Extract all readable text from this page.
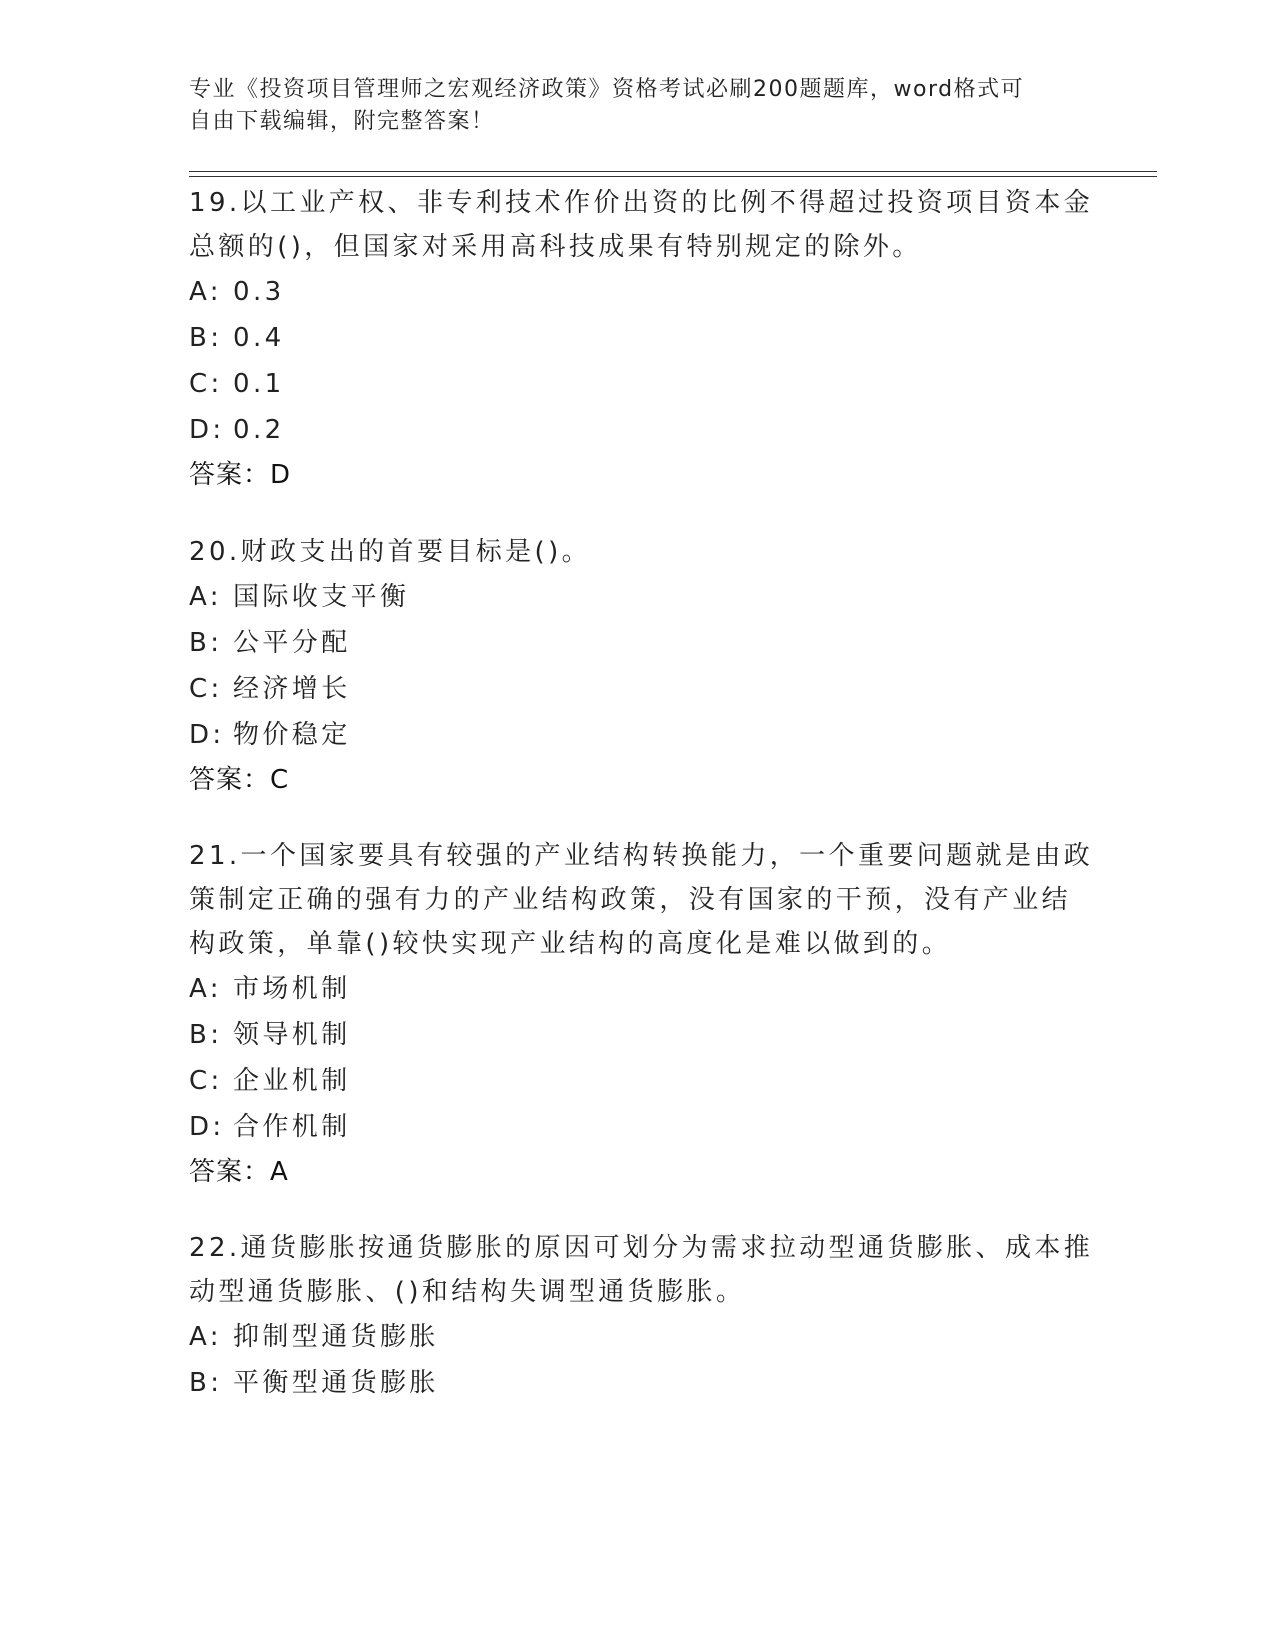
专业《投资项目管理师之宏观经济政策》资格考试必刷200题题库，word格式可
自由下载编辑，附完整答案！
19.以工业产权、非专利技术作价出资的比例不得超过投资项目资本金
总额的()，但国家对采用高科技成果有特别规定的除外。
A: 0.3
B: 0.4
C: 0.1
D: 0.2
答案：D
20.财政支出的首要目标是()。
A: 国际收支平衡
B: 公平分配
C: 经济增长
D: 物价稳定
答案：C
21.一个国家要具有较强的产业结构转换能力，一个重要问题就是由政
策制定正确的强有力的产业结构政策，没有国家的干预，没有产业结
构政策，单靠()较快实现产业结构的高度化是难以做到的。
A: 市场机制
B: 领导机制
C: 企业机制
D: 合作机制
答案：A
22.通货膨胀按通货膨胀的原因可划分为需求拉动型通货膨胀、成本推
动型通货膨胀、()和结构失调型通货膨胀。
A: 抑制型通货膨胀
B: 平衡型通货膨胀
